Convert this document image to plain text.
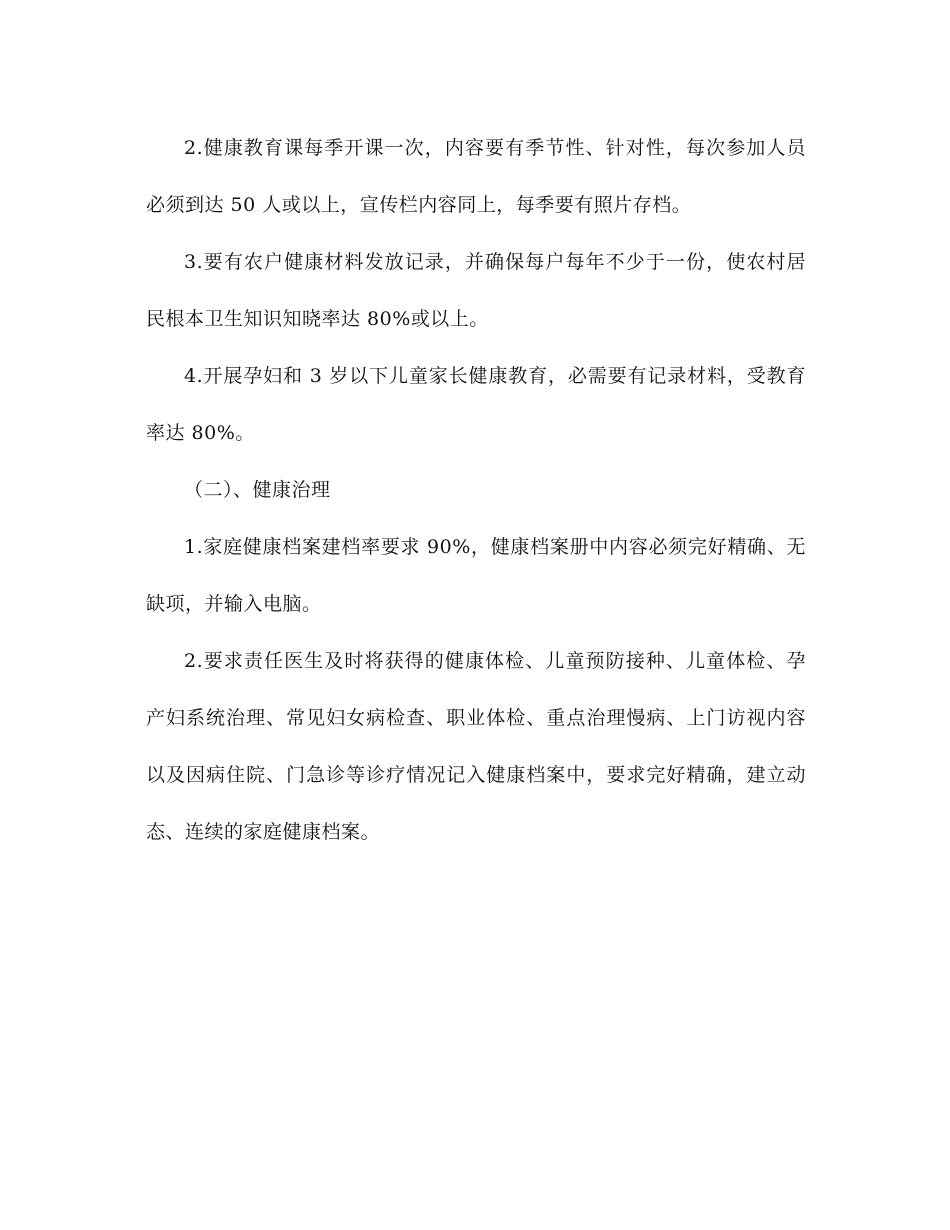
2.健康教育课每季开课一次，内容要有季节性、针对性，每次参加人员必须到达 50 人或以上，宣传栏内容同上，每季要有照片存档。

3.要有农户健康材料发放记录，并确保每户每年不少于一份，使农村居民根本卫生知识知晓率达 80%或以上。

4.开展孕妇和 3 岁以下儿童家长健康教育，必需要有记录材料，受教育率达 80%。

（二）、健康治理

1.家庭健康档案建档率要求 90%，健康档案册中内容必须完好精确、无缺项，并输入电脑。

2.要求责任医生及时将获得的健康体检、儿童预防接种、儿童体检、孕产妇系统治理、常见妇女病检查、职业体检、重点治理慢病、上门访视内容以及因病住院、门急诊等诊疗情况记入健康档案中，要求完好精确，建立动态、连续的家庭健康档案。
